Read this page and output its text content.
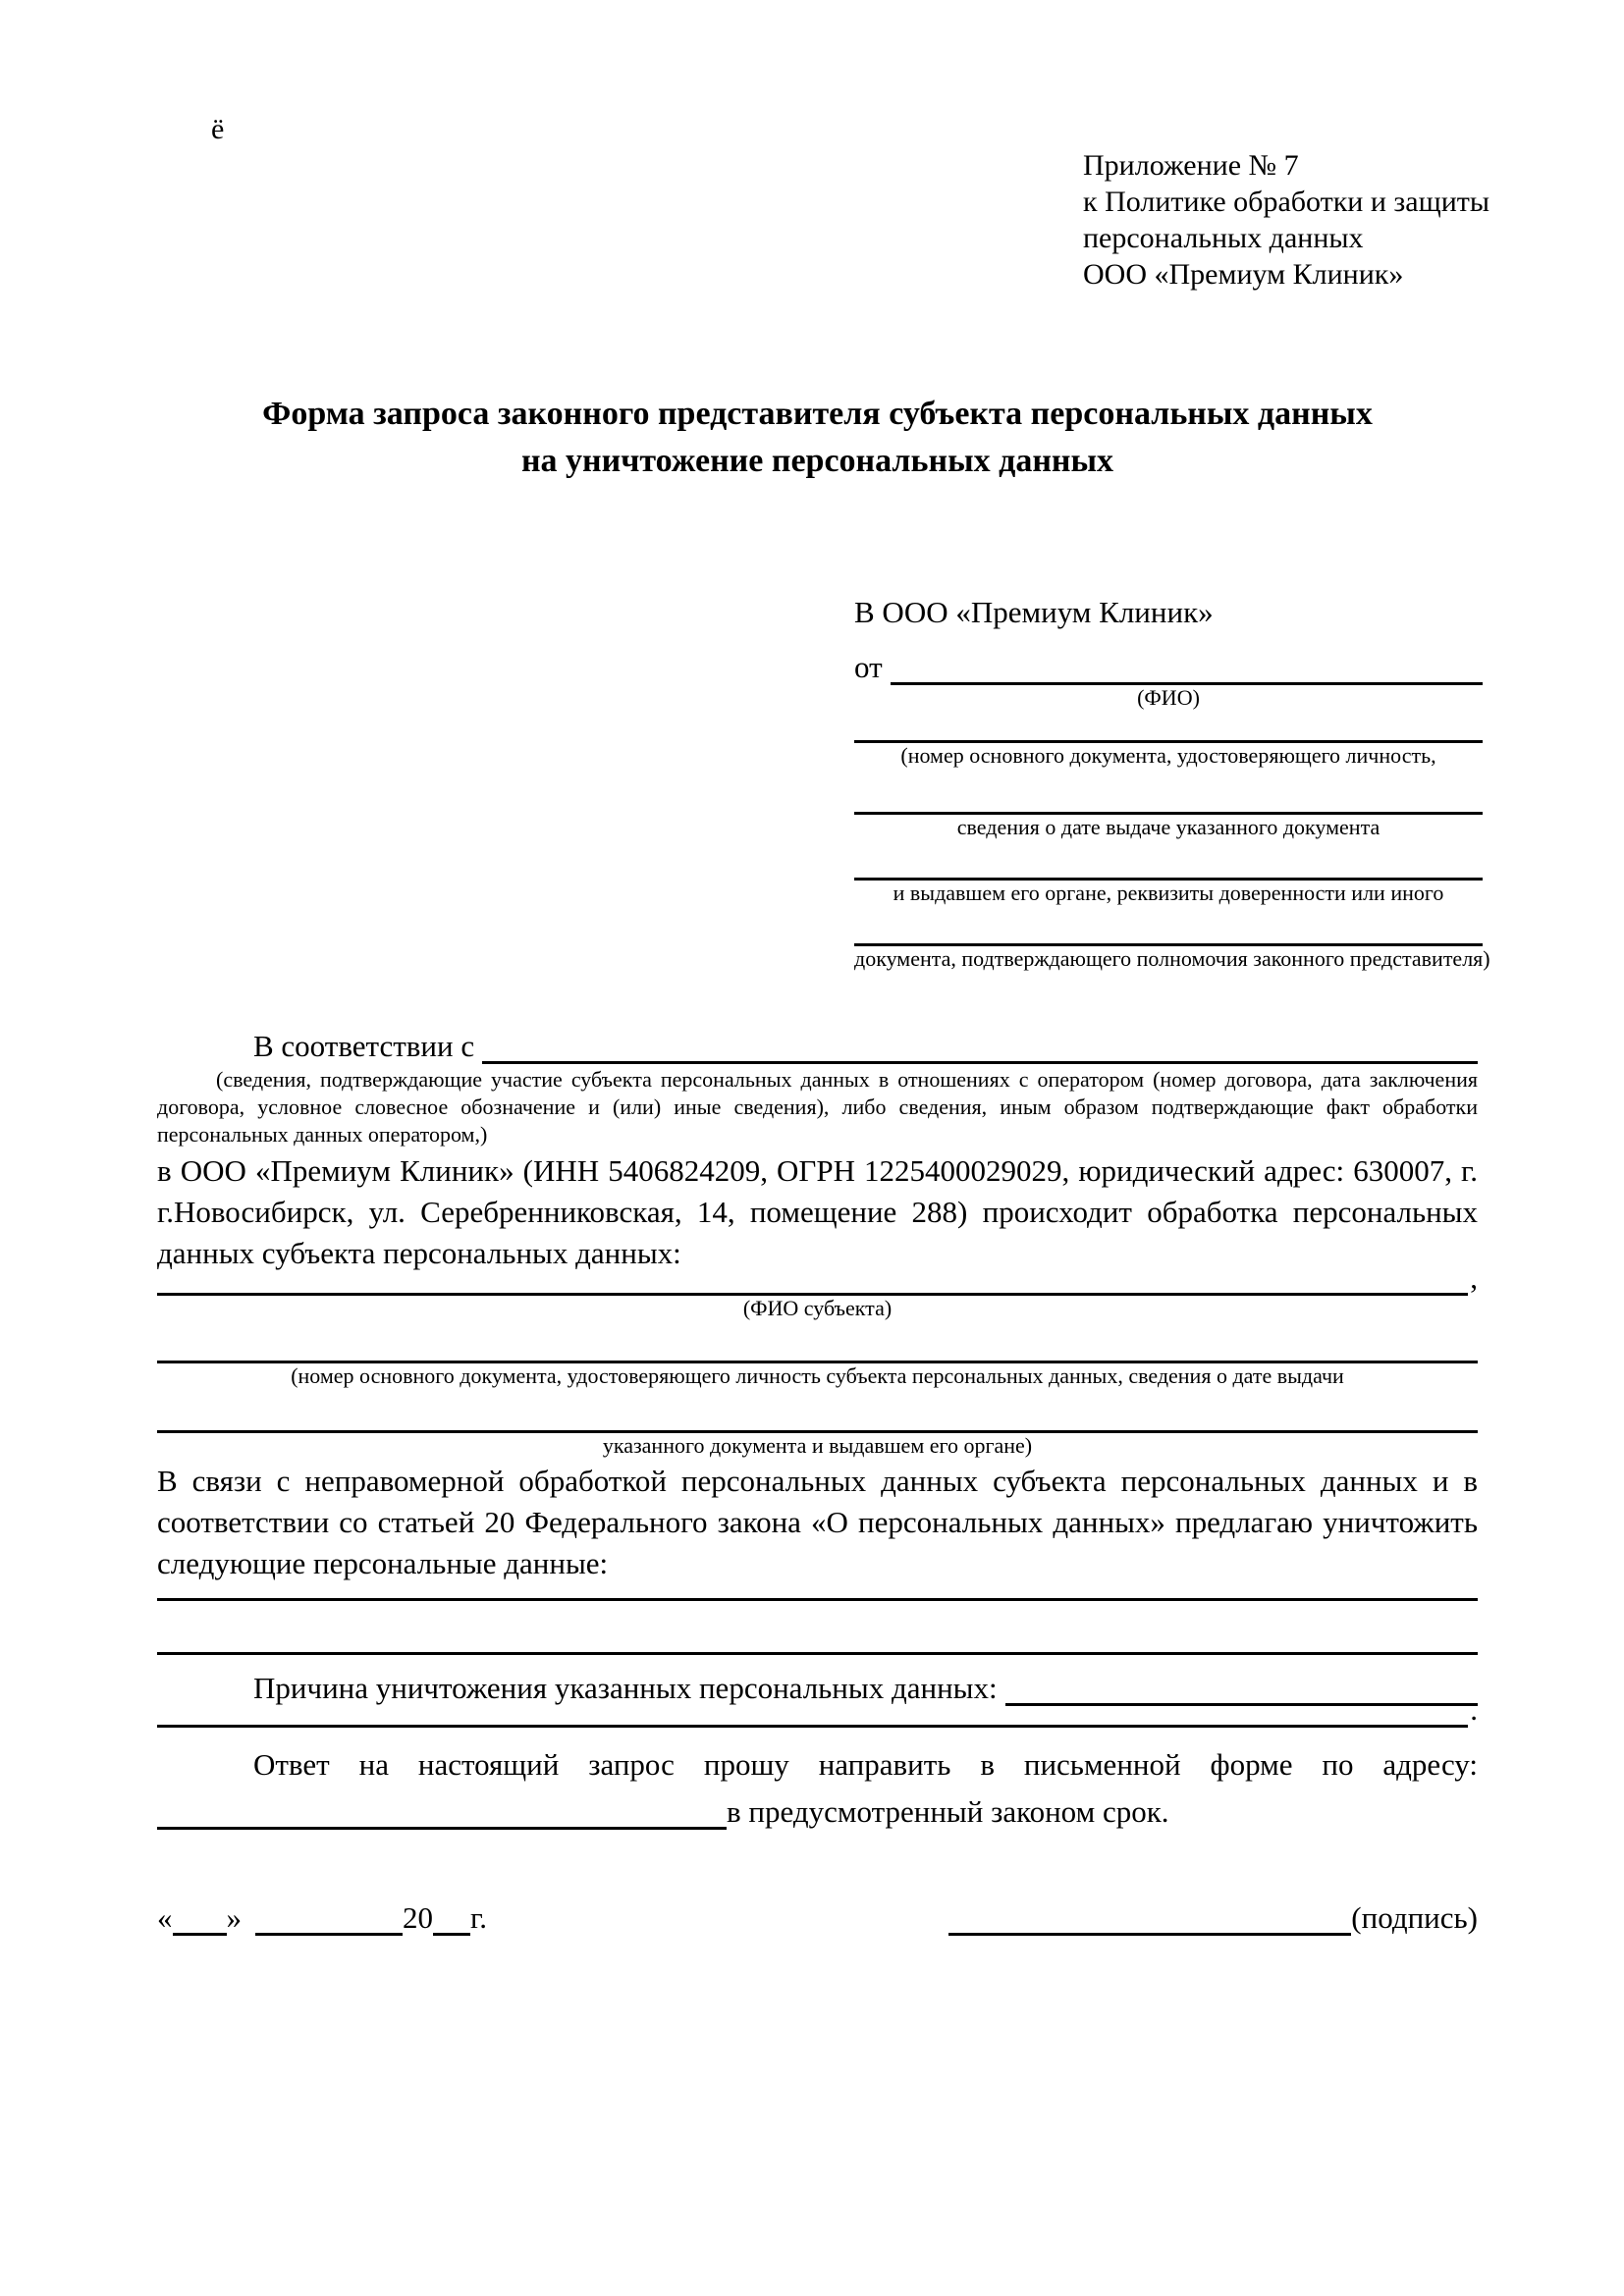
ё
Приложение № 7
к Политике обработки и защиты
персональных данных
ООО «Премиум Клиник»
Форма запроса законного представителя субъекта персональных данных
на уничтожение персональных данных
В ООО «Премиум Клиник»
от
(ФИО)
(номер основного документа, удостоверяющего личность,
сведения о дате выдаче указанного документа
и выдавшем его органе, реквизиты доверенности или иного
документа, подтверждающего полномочия законного представителя)
В соответствии с
(сведения, подтверждающие участие субъекта персональных данных в отношениях с оператором (номер договора, дата заключения договора, условное словесное обозначение и (или) иные сведения), либо сведения, иным образом подтверждающие факт обработки персональных данных оператором,)
в ООО «Премиум Клиник» (ИНН 5406824209, ОГРН 1225400029029, юридический адрес: 630007, г. г.Новосибирск, ул. Серебренниковская, 14, помещение 288) происходит обработка персональных данных субъекта персональных данных:
,
(ФИО субъекта)
(номер основного документа, удостоверяющего личность субъекта персональных данных, сведения о дате выдачи
указанного документа и выдавшем его органе)
В связи с неправомерной обработкой персональных данных субъекта персональных данных и в соответствии со статьей 20 Федерального закона «О персональных данных» предлагаю уничтожить следующие персональные данные:
Причина уничтожения указанных персональных данных:
.
Ответ на настоящий запрос прошу направить в письменной форме по адресу:
в предусмотренный законом срок.
« »	20 г.	(подпись)
